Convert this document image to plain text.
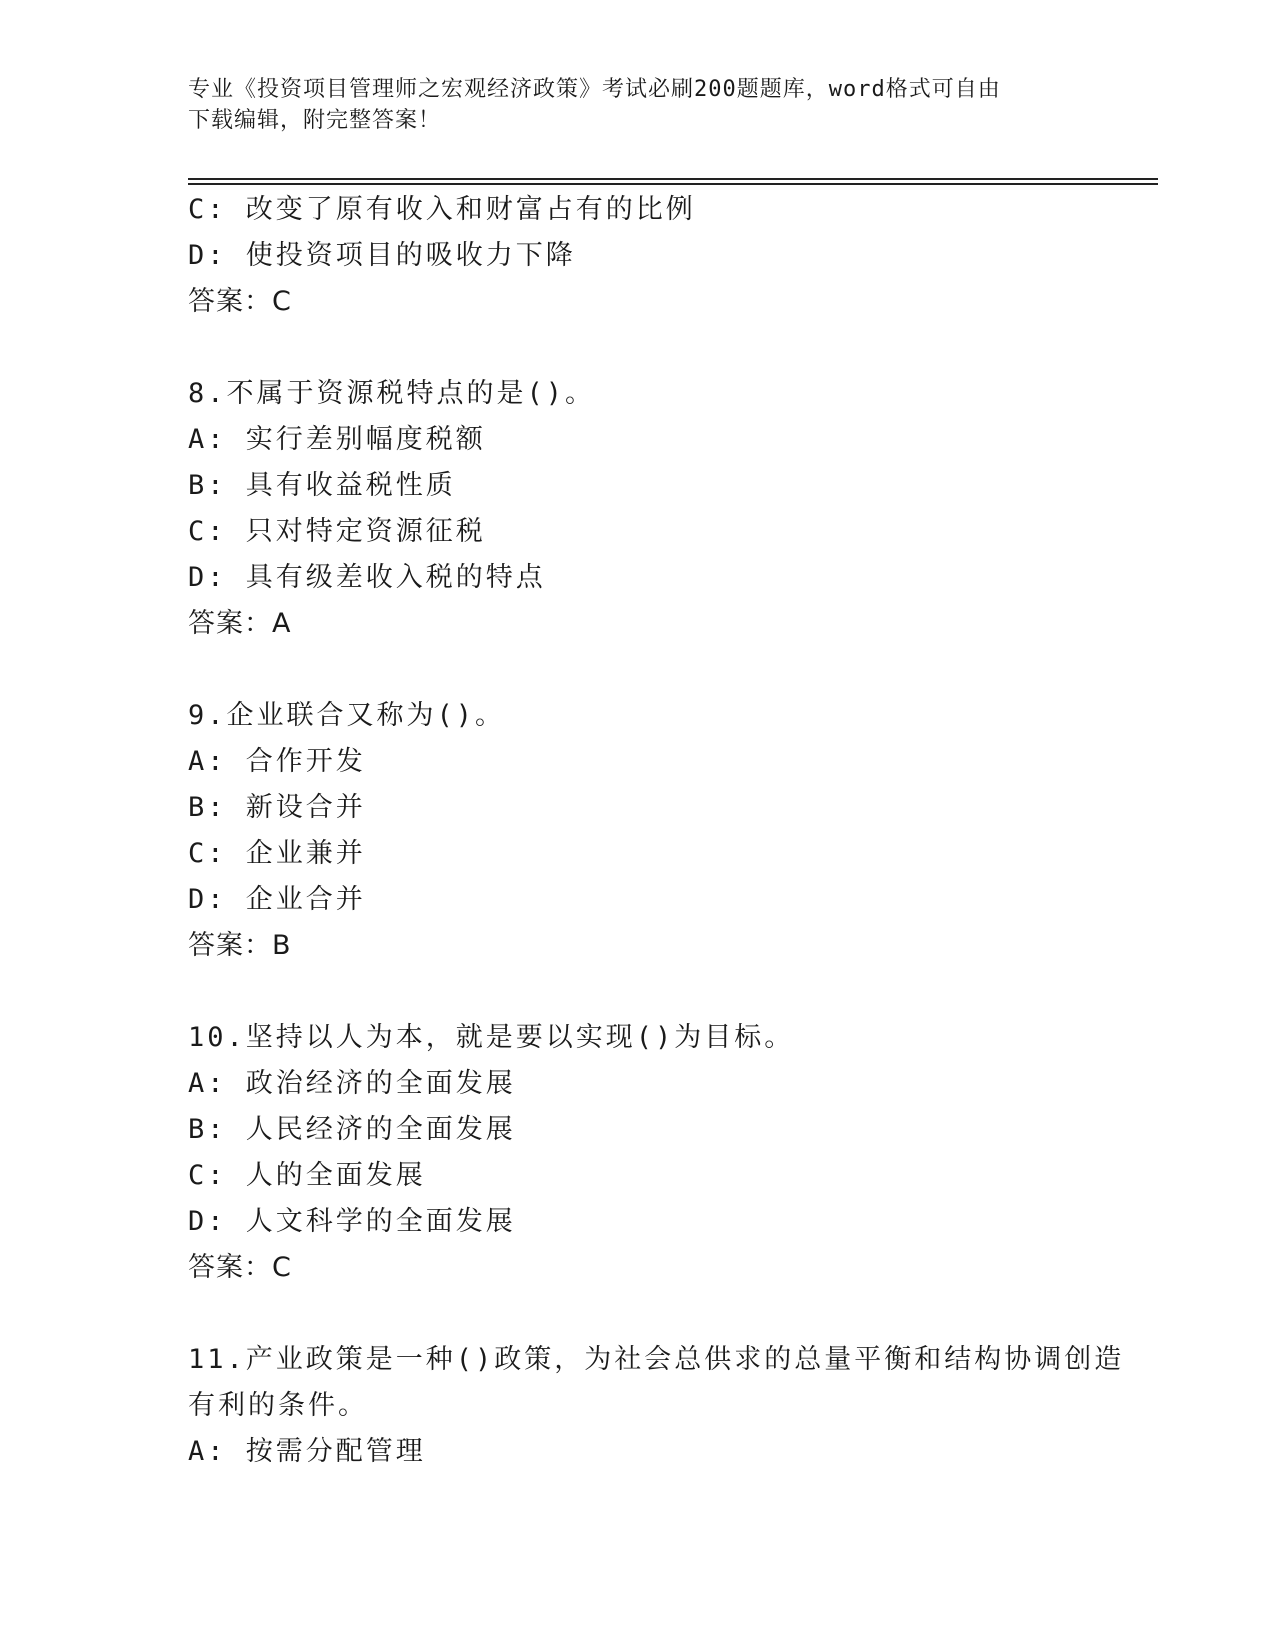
专业《投资项目管理师之宏观经济政策》考试必刷200题题库，word格式可自由
下载编辑，附完整答案！
C: 改变了原有收入和财富占有的比例
D: 使投资项目的吸收力下降
答案：C
8.不属于资源税特点的是()。
A: 实行差别幅度税额
B: 具有收益税性质
C: 只对特定资源征税
D: 具有级差收入税的特点
答案：A
9.企业联合又称为()。
A: 合作开发
B: 新设合并
C: 企业兼并
D: 企业合并
答案：B
10.坚持以人为本，就是要以实现()为目标。
A: 政治经济的全面发展
B: 人民经济的全面发展
C: 人的全面发展
D: 人文科学的全面发展
答案：C
11.产业政策是一种()政策，为社会总供求的总量平衡和结构协调创造
有利的条件。
A: 按需分配管理
